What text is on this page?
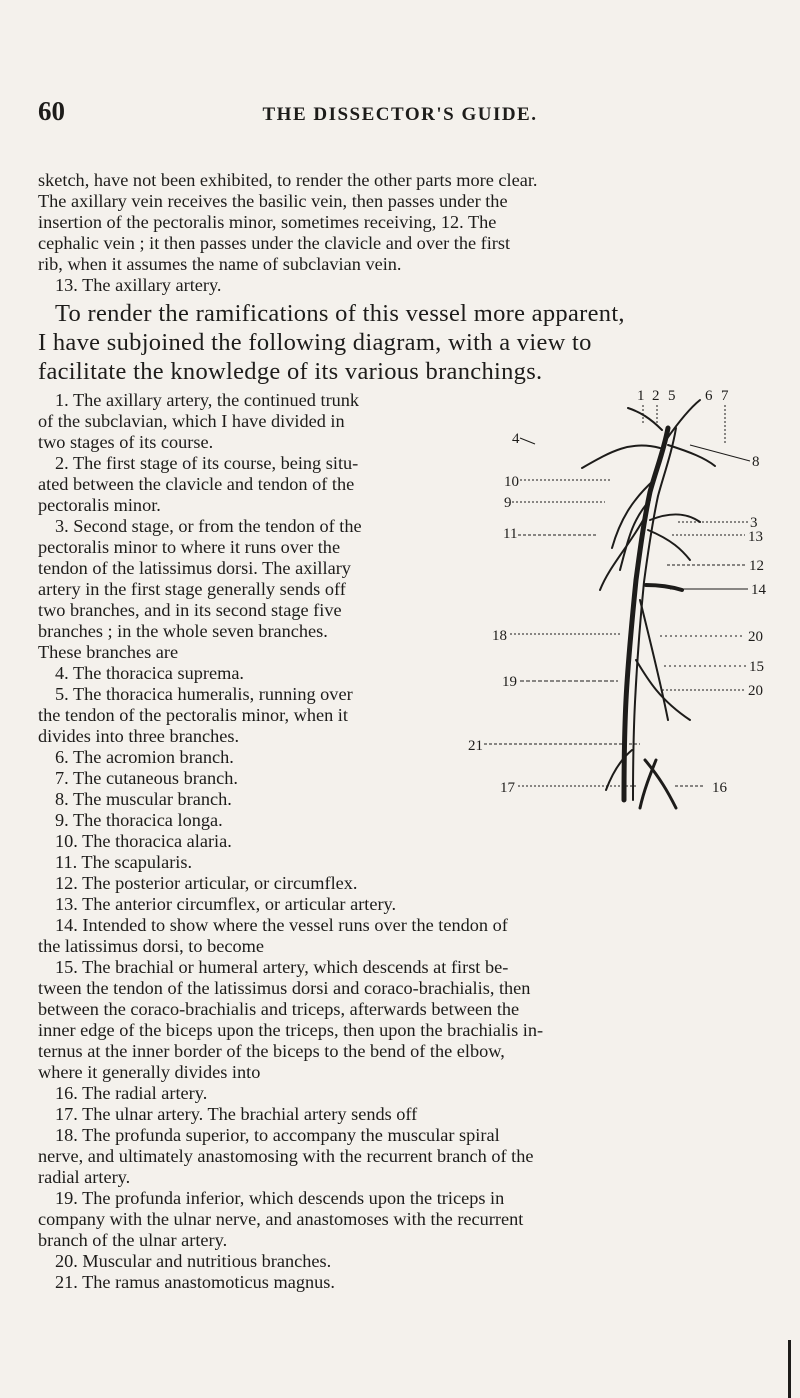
60	THE DISSECTOR'S GUIDE.
sketch, have not been exhibited, to render the other parts more clear.
The axillary vein receives the basilic vein, then passes under the
insertion of the pectoralis minor, sometimes receiving, 12. The
cephalic vein ; it then passes under the clavicle and over the first
rib, when it assumes the name of subclavian vein.
13. The axillary artery.
To render the ramifications of this vessel more apparent,
I have subjoined the following diagram, with a view to
facilitate the knowledge of its various branchings.
1. The axillary artery, the continued trunk
of the subclavian, which I have divided in
two stages of its course.
2. The first stage of its course, being situ-
ated between the clavicle and tendon of the
pectoralis minor.
3. Second stage, or from the tendon of the
pectoralis minor to where it runs over the
tendon of the latissimus dorsi. The axillary
artery in the first stage generally sends off
two branches, and in its second stage five
branches ; in the whole seven branches.
These branches are
4. The thoracica suprema.
5. The thoracica humeralis, running over
the tendon of the pectoralis minor, when it
divides into three branches.
6. The acromion branch.
7. The cutaneous branch.
8. The muscular branch.
9. The thoracica longa.
10. The thoracica alaria.
11. The scapularis.
12. The posterior articular, or circumflex.
13. The anterior circumflex, or articular artery.
14. Intended to show where the vessel runs over the tendon of
the latissimus dorsi, to become
15. The brachial or humeral artery, which descends at first be-
tween the tendon of the latissimus dorsi and coraco-brachialis, then
between the coraco-brachialis and triceps, afterwards between the
inner edge of the biceps upon the triceps, then upon the brachialis in-
ternus at the inner border of the biceps to the bend of the elbow,
where it generally divides into
16. The radial artery.
17. The ulnar artery. The brachial artery sends off
18. The profunda superior, to accompany the muscular spiral
nerve, and ultimately anastomosing with the recurrent branch of the
radial artery.
19. The profunda inferior, which descends upon the triceps in
company with the ulnar nerve, and anastomoses with the recurrent
branch of the ulnar artery.
20. Muscular and nutritious branches.
21. The ramus anastomoticus magnus.
1 2 5 6 7
4
10
9
11
18
19
21
17
8
3
13
12
14
20
15
20
16
